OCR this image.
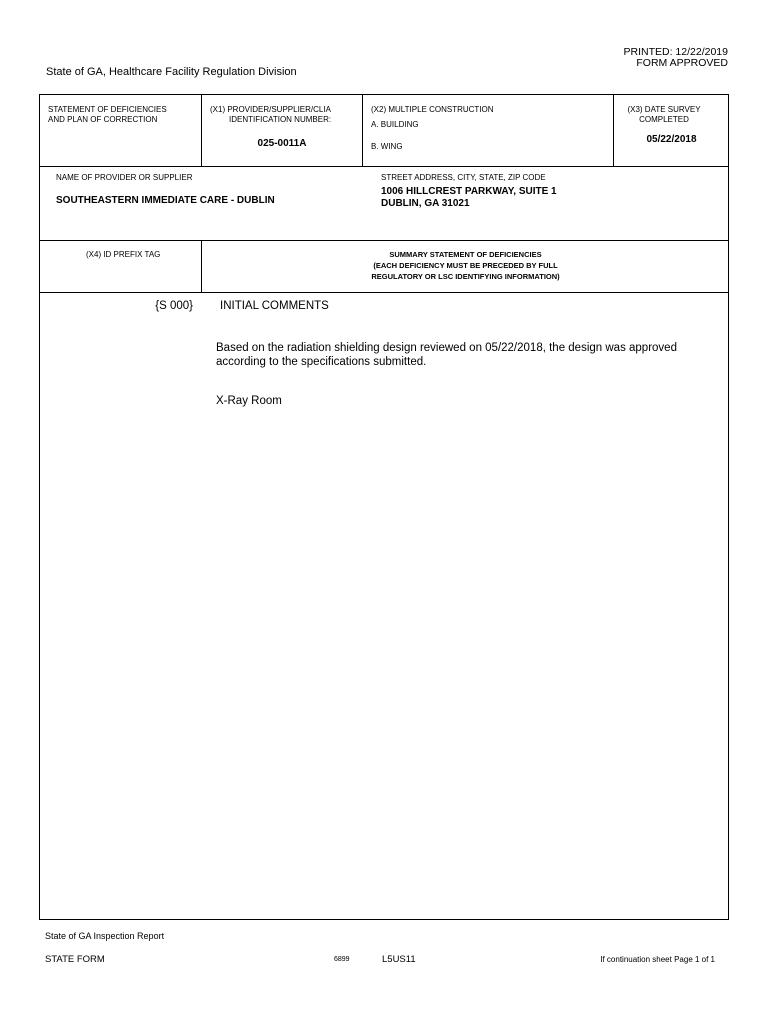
PRINTED: 12/22/2019
FORM APPROVED
State of GA, Healthcare Facility Regulation Division
STATEMENT OF DEFICIENCIES
AND PLAN OF CORRECTION
(X1) PROVIDER/SUPPLIER/CLIA
IDENTIFICATION NUMBER:
025-0011A
(X2) MULTIPLE CONSTRUCTION
A. BUILDING
B. WING
(X3) DATE SURVEY
COMPLETED
05/22/2018
NAME OF PROVIDER OR SUPPLIER
SOUTHEASTERN IMMEDIATE CARE - DUBLIN
STREET ADDRESS, CITY, STATE, ZIP CODE
1006 HILLCREST PARKWAY, SUITE 1
DUBLIN, GA 31021
(X4) ID PREFIX TAG	SUMMARY STATEMENT OF DEFICIENCIES
(EACH DEFICIENCY MUST BE PRECEDED BY FULL
REGULATORY OR LSC IDENTIFYING INFORMATION)
{S 000} INITIAL COMMENTS
Based on the radiation shielding design reviewed on 05/22/2018, the design was approved
according to the specifications submitted.
X-Ray Room
State of GA Inspection Report
STATE FORM	6899	L5US11	If continuation sheet Page 1 of 1
